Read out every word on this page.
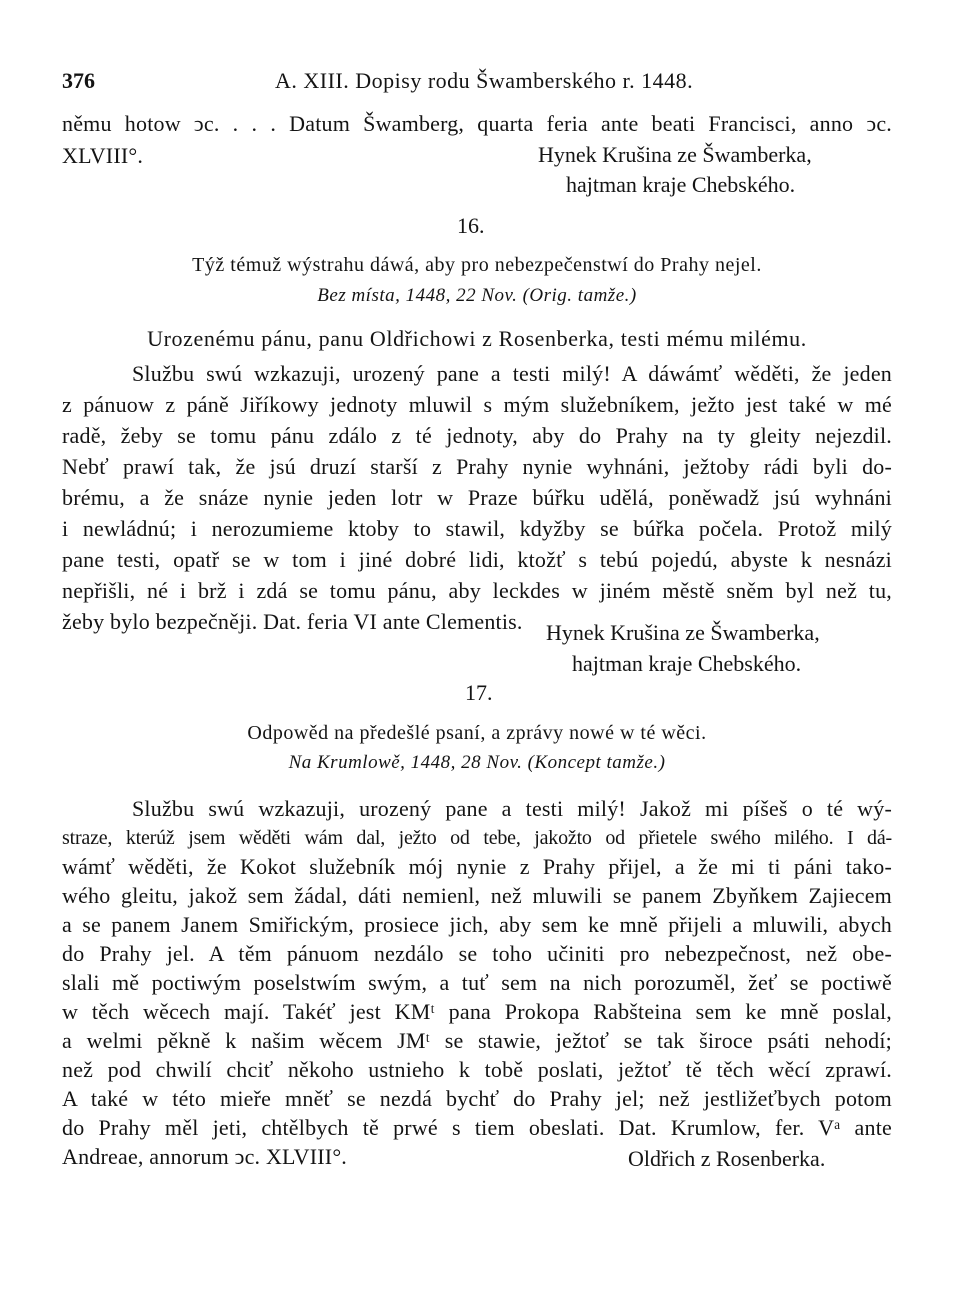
376	A. XIII. Dopisy rodu Šwamberského r. 1448.
němu hotow ↄc. . . . Datum Šwamberg, quarta feria ante beati Francisci, anno ↄc.
XLVIII°.	Hynek Krušina ze Šwamberka,
hajtman kraje Chebského.
16.
Týž témuž wýstrahu dáwá, aby pro nebezpečenstwí do Prahy nejel.
Bez místa, 1448, 22 Nov. (Orig. tamže.)
Urozenému pánu, panu Oldřichowi z Rosenberka, testi mému milému.
Službu swú wzkazuji, urozený pane a testi milý! A dáwámť wěděti, že jeden
z pánuow z páně Jiříkowy jednoty mluwil s mým služebníkem, ježto jest také w mé
radě, žeby se tomu pánu zdálo z té jednoty, aby do Prahy na ty gleity nejezdil.
Nebť prawí tak, že jsú druzí starší z Prahy nynie wyhnáni, ježtoby rádi byli do-
brému, a že snáze nynie jeden lotr w Praze búřku udělá, poněwadž jsú wyhnáni
i newládnú; i nerozumieme ktoby to stawil, kdyžby se búřka počela. Protož milý
pane testi, opatř se w tom i jiné dobré lidi, ktožť s tebú pojedú, abyste k nesnázi
nepřišli, né i brž i zdá se tomu pánu, aby leckdes w jiném městě sněm byl než tu,
žeby bylo bezpečněji. Dat. feria VI ante Clementis.	Hynek Krušina ze Šwamberka,
hajtman kraje Chebského.
17.
Odpowěd na předešlé psaní, a zprávy nowé w té wěci.
Na Krumlowě, 1448, 28 Nov. (Koncept tamže.)
Službu swú wzkazuji, urozený pane a testi milý! Jakož mi píšeš o té wý-
straze, kterúž jsem wěděti wám dal, ježto od tebe, jakožto od přietele swého milého. I dá-
wámť wěděti, že Kokot služebník mój nynie z Prahy přijel, a že mi ti páni tako-
wého gleitu, jakož sem žádal, dáti nemienl, než mluwili se panem Zbyňkem Zajiecem
a se panem Janem Smiřickým, prosiece jich, aby sem ke mně přijeli a mluwili, abych
do Prahy jel. A těm pánuom nezdálo se toho učiniti pro nebezpečnost, než obe-
slali mě poctiwým poselstwím swým, a tuť sem na nich porozuměl, žeť se poctiwě
w těch wěcech mají. Takéť jest KMᵗ pana Prokopa Rabšteina sem ke mně poslal,
a welmi pěkně k našim wěcem JMᵗ se stawie, ježtoť se tak široce psáti nehodí;
než pod chwilí chciť někoho ustnieho k tobě poslati, ježtoť tě těch wěcí zprawí.
A také w této mieře mněť se nezdá bychť do Prahy jel; než jestližeťbych potom
do Prahy měl jeti, chtělbych tě prwé s tiem obeslati. Dat. Krumlow, fer. Vᵃ ante
Andreae, annorum ↄc. XLVIII°.	Oldřich z Rosenberka.
